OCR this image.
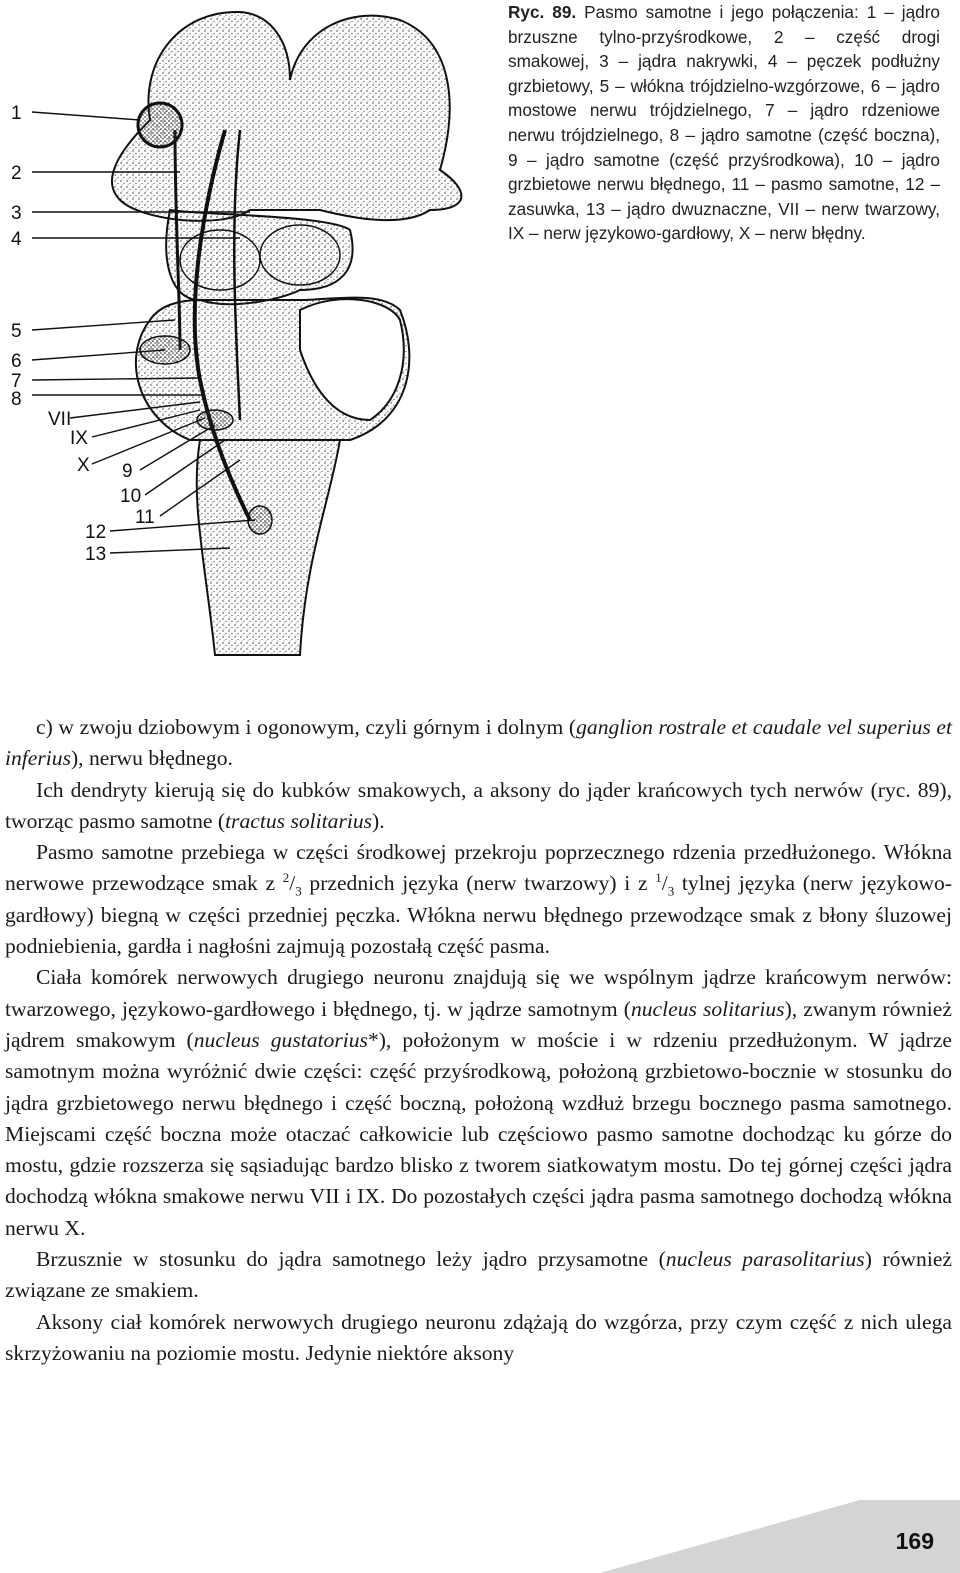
1
2
3
4
5
6
7
8
VII
IX
X 9
10
11
12
13
Ryc. 89. Pasmo samotne i jego połączenia: 1 – jądro brzuszne tylno-przyśrodkowe, 2 – część drogi smakowej, 3 – jądra nakrywki, 4 – pęczek podłużny grzbietowy, 5 – włókna trójdzielno-wzgórzowe, 6 – jądro mostowe nerwu trójdzielnego, 7 – jądro rdzeniowe nerwu trójdzielnego, 8 – jądro samotne (część boczna), 9 – jądro samotne (część przyśrodkowa), 10 – jądro grzbietowe nerwu błędnego, 11 – pasmo samotne, 12 – zasuwka, 13 – jądro dwuznaczne, VII – nerw twarzowy, IX – nerw językowo-gardłowy, X – nerw błędny.

c) w zwoju dziobowym i ogonowym, czyli górnym i dolnym (ganglion rostrale et caudale vel superius et inferius), nerwu błędnego.

Ich dendryty kierują się do kubków smakowych, a aksony do jąder krańcowych tych nerwów (ryc. 89), tworząc pasmo samotne (tractus solitarius).

Pasmo samotne przebiega w części środkowej przekroju poprzecznego rdzenia przedłużonego. Włókna nerwowe przewodzące smak z $^2/_3$ przednich języka (nerw twarzowy) i z $^1/_3$ tylnej języka (nerw językowo-gardłowy) biegną w części przedniej pęczka. Włókna nerwu błędnego przewodzące smak z błony śluzowej podniebienia, gardła i nagłośni zajmują pozostałą część pasma.

Ciała komórek nerwowych drugiego neuronu znajdują się we wspólnym jądrze krańcowym nerwów: twarzowego, językowo-gardłowego i błędnego, tj. w jądrze samotnym (nucleus solitarius), zwanym również jądrem smakowym (nucleus gustatorius*), położonym w moście i w rdzeniu przedłużonym. W jądrze samotnym można wyróżnić dwie części: część przyśrodkową, położoną grzbietowo-bocznie w stosunku do jądra grzbietowego nerwu błędnego i część boczną, położoną wzdłuż brzegu bocznego pasma samotnego. Miejscami część boczna może otaczać całkowicie lub częściowo pasmo samotne dochodząc ku górze do mostu, gdzie rozszerza się sąsiadując bardzo blisko z tworem siatkowatym mostu. Do tej górnej części jądra dochodzą włókna smakowe nerwu VII i IX. Do pozostałych części jądra pasma samotnego dochodzą włókna nerwu X.

Brzusznie w stosunku do jądra samotnego leży jądro przysamotne (nucleus parasolitarius) również związane ze smakiem.

Aksony ciał komórek nerwowych drugiego neuronu zdążają do wzgórza, przy czym część z nich ulega skrzyżowaniu na poziomie mostu. Jedynie niektóre aksony

169
